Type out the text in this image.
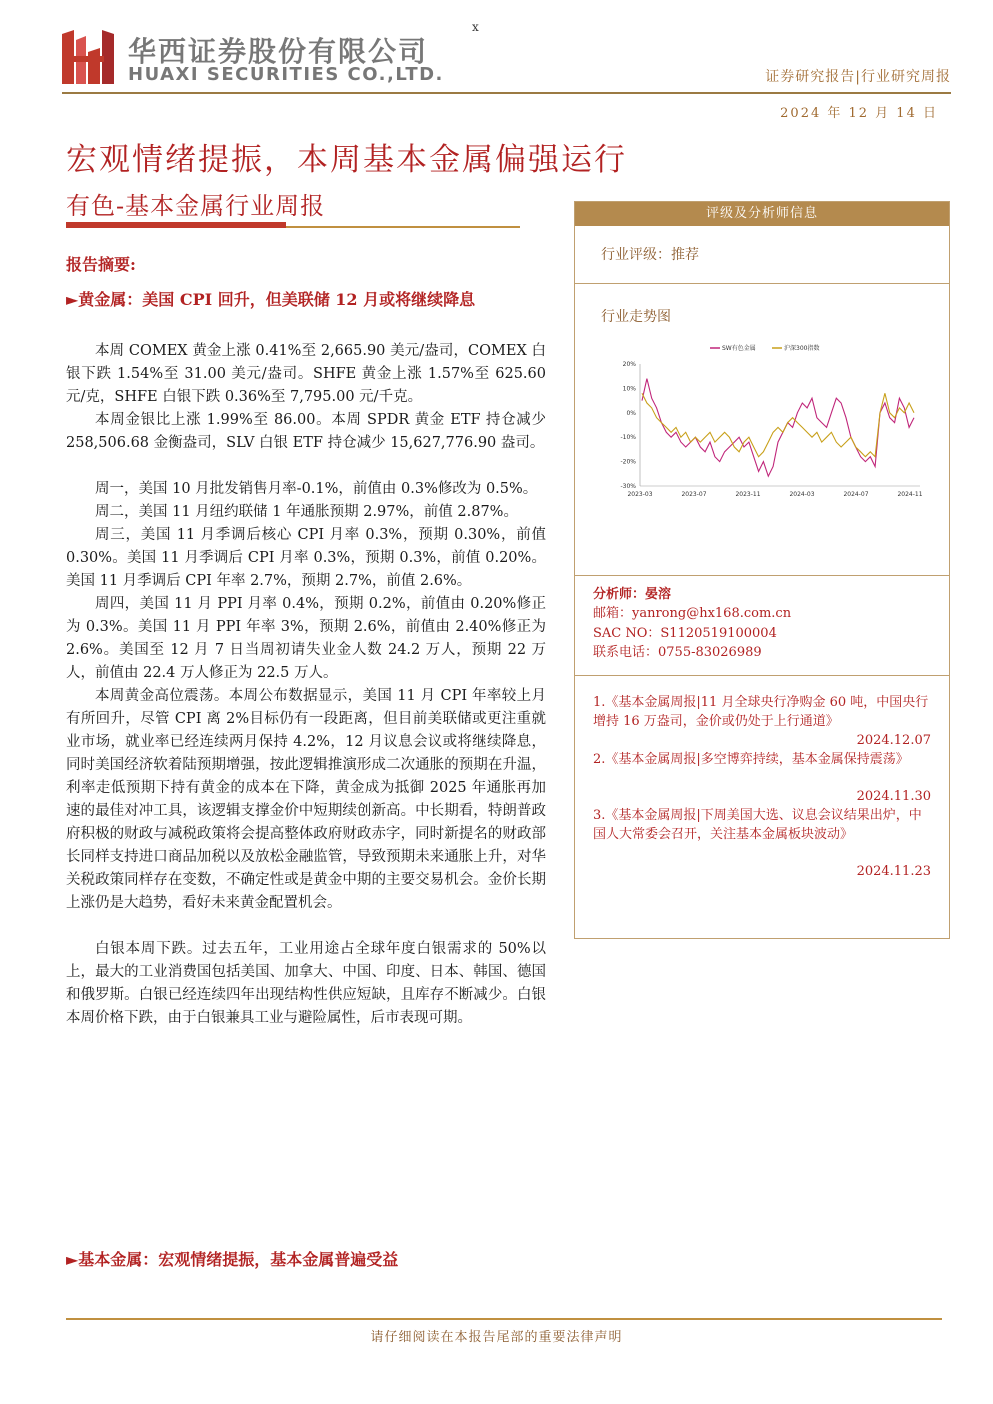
华西证券股份有限公司
HUAXI SECURITIES CO.,LTD.
x
证券研究报告|行业研究周报
2024 年 12 月 14 日
宏观情绪提振，本周基本金属偏强运行
有色-基本金属行业周报
报告摘要:
►黄金属：美国 CPI 回升，但美联储 12 月或将继续降息

本周 COMEX 黄金上涨 0.41%至 2,665.90 美元/盎司，COMEX 白银下跌 1.54%至 31.00 美元/盎司。SHFE 黄金上涨 1.57%至 625.60 元/克，SHFE 白银下跌 0.36%至 7,795.00 元/千克。

本周金银比上涨 1.99%至 86.00。本周 SPDR 黄金 ETF 持仓减少 258,506.68 金衡盎司，SLV 白银 ETF 持仓减少 15,627,776.90 盎司。

周一，美国 10 月批发销售月率-0.1%，前值由 0.3%修改为 0.5%。

周二，美国 11 月纽约联储 1 年通胀预期 2.97%，前值 2.87%。

周三，美国 11 月季调后核心 CPI 月率 0.3%，预期 0.30%，前值 0.30%。美国 11 月季调后 CPI 月率 0.3%，预期 0.3%，前值 0.20%。美国 11 月季调后 CPI 年率 2.7%，预期 2.7%，前值 2.6%。

周四，美国 11 月 PPI 月率 0.4%，预期 0.2%，前值由 0.20%修正为 0.3%。美国 11 月 PPI 年率 3%，预期 2.6%，前值由 2.40%修正为 2.6%。美国至 12 月 7 日当周初请失业金人数 24.2 万人，预期 22 万人，前值由 22.4 万人修正为 22.5 万人。

本周黄金高位震荡。本周公布数据显示，美国 11 月 CPI 年率较上月有所回升，尽管 CPI 离 2%目标仍有一段距离，但目前美联储或更注重就业市场，就业率已经连续两月保持 4.2%，12 月议息会议或将继续降息，同时美国经济软着陆预期增强，按此逻辑推演形成二次通胀的预期在升温，利率走低预期下持有黄金的成本在下降，黄金成为抵御 2025 年通胀再加速的最佳对冲工具，该逻辑支撑金价中短期续创新高。中长期看，特朗普政府积极的财政与减税政策将会提高整体政府财政赤字，同时新提名的财政部长同样支持进口商品加税以及放松金融监管，导致预期未来通胀上升，对华关税政策同样存在变数，不确定性或是黄金中期的主要交易机会。金价长期上涨仍是大趋势，看好未来黄金配置机会。

白银本周下跌。过去五年，工业用途占全球年度白银需求的 50%以上，最大的工业消费国包括美国、加拿大、中国、印度、日本、韩国、德国和俄罗斯。白银已经连续四年出现结构性供应短缺，且库存不断减少。白银本周价格下跌，由于白银兼具工业与避险属性，后市表现可期。

►基本金属：宏观情绪提振，基本金属普遍受益
评级及分析师信息
行业评级：推荐
行业走势图
20%
10%
0%
-10%
-20%
-30%
2023-03	2023-07	2023-11	2024-03	2024-07	2024-11
SW有色金属	沪深300指数
分析师：晏溶
邮箱：yanrong@hx168.com.cn
SAC NO：S1120519100004
联系电话：0755-83026989
1.《基本金属周报|11 月全球央行净购金 60 吨，中国央行增持 16 万盎司，金价或仍处于上行通道》
2024.12.07
2.《基本金属周报|多空博弈持续，基本金属保持震荡》
2024.11.30
3.《基本金属周报|下周美国大选、议息会议结果出炉，中国人大常委会召开，关注基本金属板块波动》
2024.11.23
请仔细阅读在本报告尾部的重要法律声明
